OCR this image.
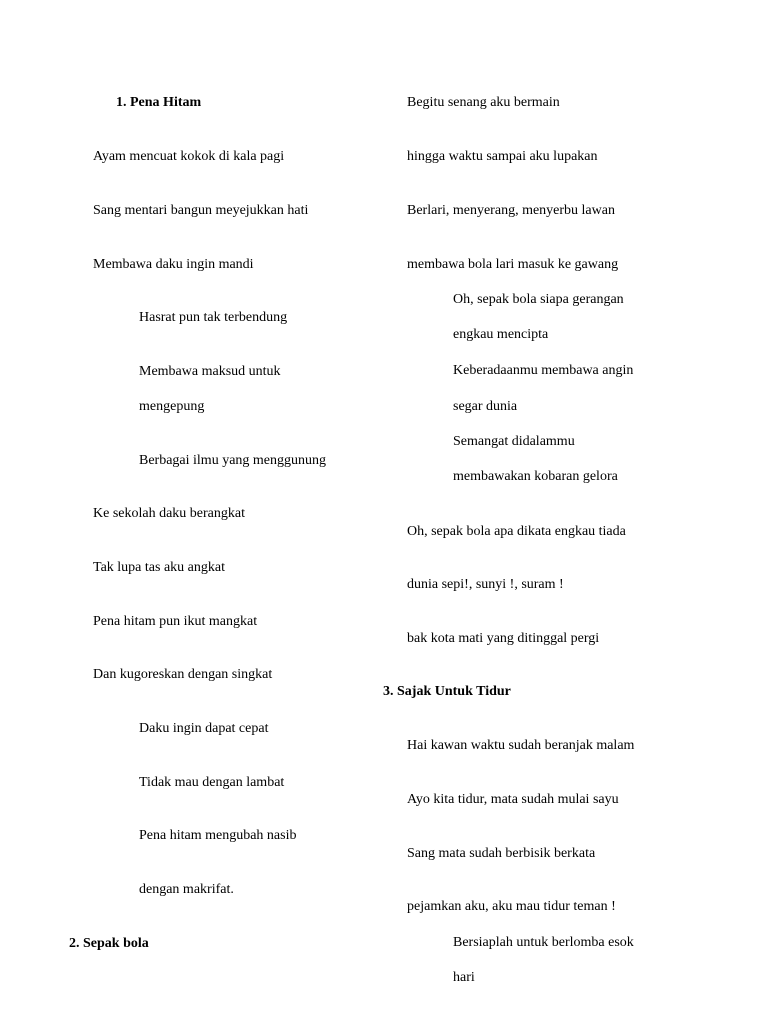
1. Pena Hitam
Ayam mencuat kokok di kala pagi
Sang mentari bangun meyejukkan hati
Membawa daku ingin mandi
Hasrat pun tak terbendung
Membawa maksud untuk
mengepung
Berbagai ilmu yang menggunung
Ke sekolah daku berangkat
Tak lupa tas aku angkat
Pena hitam pun ikut mangkat
Dan kugoreskan dengan singkat
Daku ingin dapat cepat
Tidak mau dengan lambat
Pena hitam mengubah nasib
dengan makrifat.
2. Sepak bola
Begitu senang aku bermain
hingga waktu sampai aku lupakan
Berlari, menyerang, menyerbu lawan
membawa bola lari masuk ke gawang
Oh, sepak bola siapa gerangan
engkau mencipta
Keberadaanmu membawa angin
segar dunia
Semangat didalammu
membawakan kobaran gelora
Oh, sepak bola apa dikata engkau tiada
dunia sepi!, sunyi !, suram !
bak kota mati yang ditinggal pergi
3. Sajak Untuk Tidur
Hai kawan waktu sudah beranjak malam
Ayo kita tidur, mata sudah mulai sayu
Sang mata sudah berbisik berkata
pejamkan aku, aku mau tidur teman !
Bersiaplah untuk berlomba esok
hari
